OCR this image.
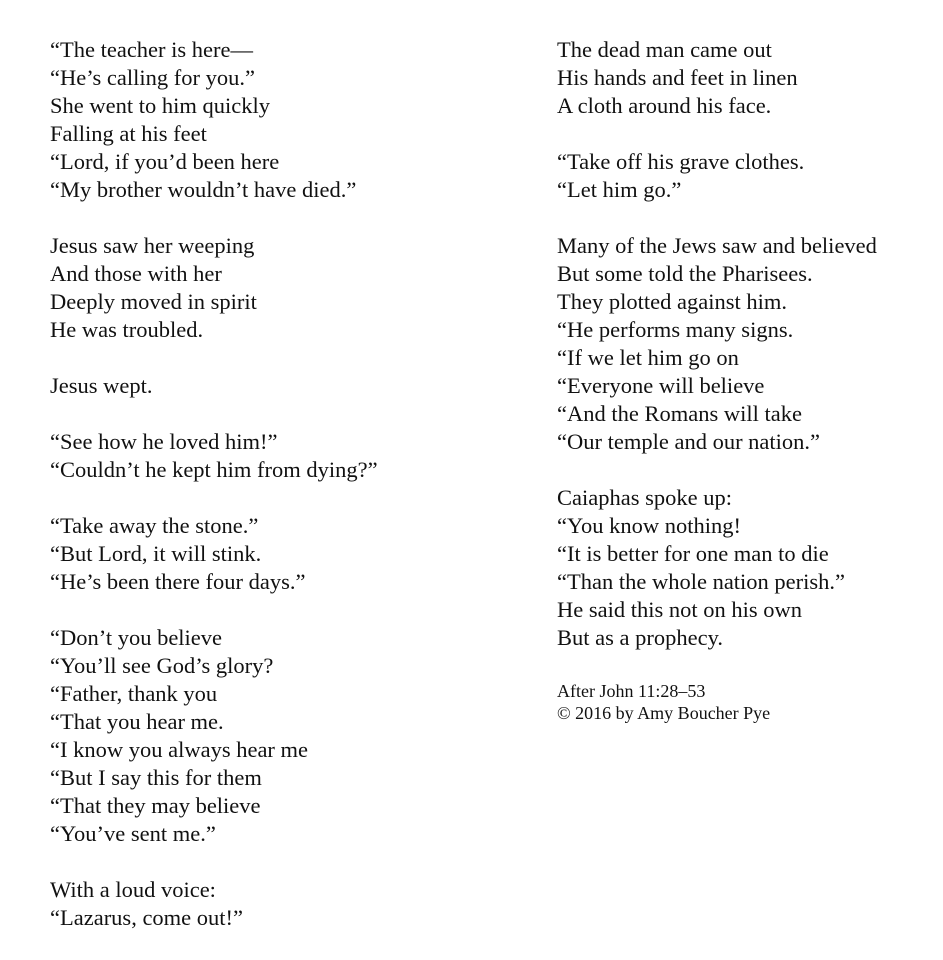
“The teacher is here—
“He’s calling for you.”
She went to him quickly
Falling at his feet
“Lord, if you’d been here
“My brother wouldn’t have died.”
Jesus saw her weeping
And those with her
Deeply moved in spirit
He was troubled.
Jesus wept.
“See how he loved him!”
“Couldn’t he kept him from dying?”
“Take away the stone.”
“But Lord, it will stink.
“He’s been there four days.”
“Don’t you believe
“You’ll see God’s glory?
“Father, thank you
“That you hear me.
“I know you always hear me
“But I say this for them
“That they may believe
“You’ve sent me.”
With a loud voice:
“Lazarus, come out!”
The dead man came out
His hands and feet in linen
A cloth around his face.
“Take off his grave clothes.
“Let him go.”
Many of the Jews saw and believed
But some told the Pharisees.
They plotted against him.
“He performs many signs.
“If we let him go on
“Everyone will believe
“And the Romans will take
“Our temple and our nation.”
Caiaphas spoke up:
“You know nothing!
“It is better for one man to die
“Than the whole nation perish.”
He said this not on his own
But as a prophecy.
After John 11:28–53
© 2016 by Amy Boucher Pye
